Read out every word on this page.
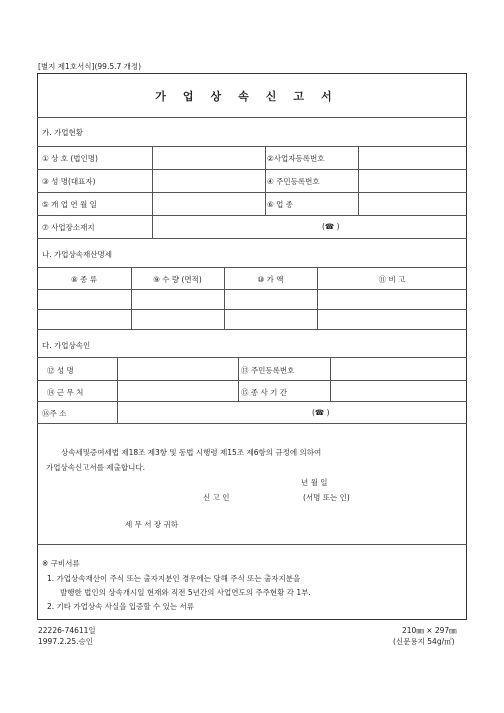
[별지 제1호서식](99.5.7 개정)
가업상속신고서
가. 가업현황
① 상 호 (법인명)	②사업자등록번호
③ 성 명(대표자)	④ 주민등록번호
⑤ 개 업 연 월 일	⑥ 업 종
⑦ 사업장소재지	(☎ )
나. 가업상속재산명세
⑧ 종 류	⑨ 수 량 (면적)	⑩ 가 액	⑪ 비 고
다. 가업상속인
⑫ 성 명	⑬ 주민등록번호
⑭ 근 무 처	⑮ 종 사 기 간
⑯주 소	(☎ )
상속세및증여세법 제18조 제3항 및 동법 시행령 제15조 제6항의 규정에 의하여
가업상속신고서를 제출합니다.
년 월 일
신 고 인	(서명 또는 인)
세 무 서 장 귀하
※ 구비서류
1. 가업상속재산이 주식 또는 출자지분인 경우에는 당해 주식 또는 출자지분을
발행한 법인의 상속개시일 현재와 직전 5년간의 사업연도의 주주현황 각 1부.
2. 기타 가업상속 사실을 입증할 수 있는 서류
22226-74611일
1997.2.25.승인
210㎜ × 297㎜
(신문용지 54g/㎡)
